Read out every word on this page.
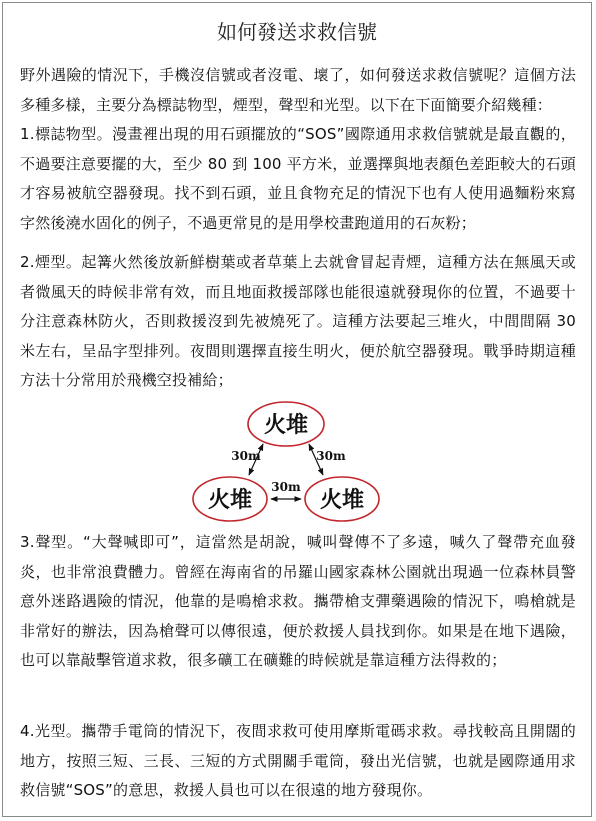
如何發送求救信號
野外遇險的情況下，手機沒信號或者沒電、壞了，如何發送求救信號呢？這個方法多種多樣，主要分為標誌物型，煙型，聲型和光型。以下在下面簡要介紹幾種：
1.標誌物型。漫畫裡出現的用石頭擺放的“SOS”國際通用求救信號就是最直觀的，不過要注意要擺的大，至少 80 到 100 平方米，並選擇與地表顏色差距較大的石頭才容易被航空器發現。找不到石頭，並且食物充足的情況下也有人使用過麵粉來寫字然後澆水固化的例子，不過更常見的是用學校畫跑道用的石灰粉；
2.煙型。起篝火然後放新鮮樹葉或者草葉上去就會冒起青煙，這種方法在無風天或者微風天的時候非常有效，而且地面救援部隊也能很遠就發現你的位置，不過要十分注意森林防火，否則救援沒到先被燒死了。這種方法要起三堆火，中間間隔 30 米左右，呈品字型排列。夜間則選擇直接生明火，便於航空器發現。戰爭時期這種方法十分常用於飛機空投補給；
火堆
火堆	火堆
30m	30m
30m
3.聲型。“大聲喊即可”，這當然是胡說，喊叫聲傳不了多遠，喊久了聲帶充血發炎，也非常浪費體力。曾經在海南省的吊羅山國家森林公園就出現過一位森林員警意外迷路遇險的情況，他靠的是鳴槍求救。攜帶槍支彈藥遇險的情況下，鳴槍就是非常好的辦法，因為槍聲可以傳很遠，便於救援人員找到你。如果是在地下遇險，也可以靠敲擊管道求救，很多礦工在礦難的時候就是靠這種方法得救的；
4.光型。攜帶手電筒的情況下，夜間求救可使用摩斯電碼求救。尋找較高且開闊的地方，按照三短、三長、三短的方式開關手電筒，發出光信號，也就是國際通用求救信號“SOS”的意思，救援人員也可以在很遠的地方發現你。
